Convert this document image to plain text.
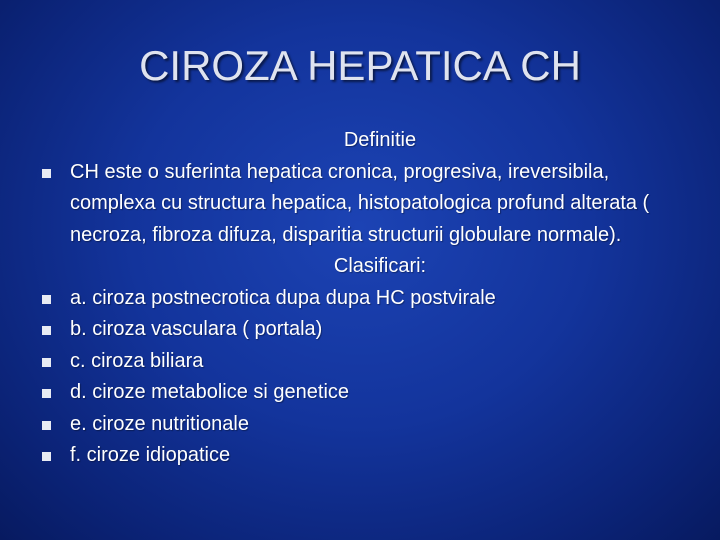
CIROZA HEPATICA CH
Definitie
CH este o suferinta hepatica cronica, progresiva, ireversibila, complexa cu structura hepatica, histopatologica profund alterata ( necroza, fibroza difuza, disparitia structurii globulare normale).
Clasificari:
a. ciroza postnecrotica dupa dupa HC postvirale
b. ciroza vasculara ( portala)
c. ciroza biliara
d. ciroze metabolice si genetice
e. ciroze nutritionale
f. ciroze idiopatice
